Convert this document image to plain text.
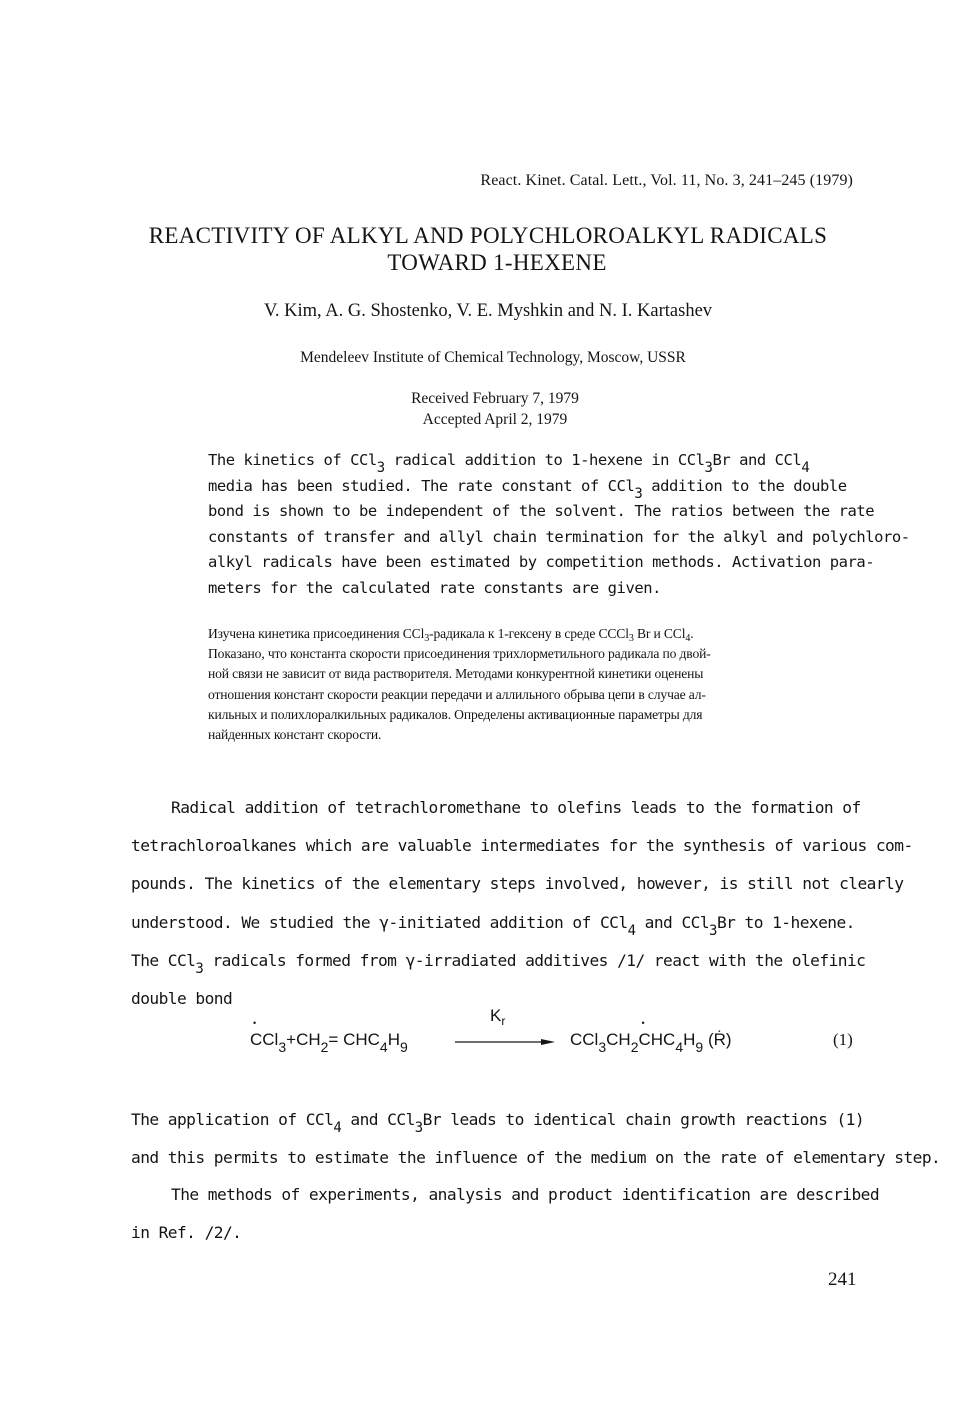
React. Kinet. Catal. Lett., Vol. 11, No. 3, 241–245 (1979)
REACTIVITY OF ALKYL AND POLYCHLOROALKYL RADICALS
TOWARD 1-HEXENE
V. Kim, A. G. Shostenko, V. E. Myshkin and N. I. Kartashev
Mendeleev Institute of Chemical Technology, Moscow, USSR
Received February 7, 1979
Accepted April 2, 1979
The kinetics of CCl$_3$ radical addition to 1-hexene in CCl$_3$Br and CCl$_4$
media has been studied. The rate constant of CCl$_3$ addition to the double
bond is shown to be independent of the solvent. The ratios between the rate
constants of transfer and allyl chain termination for the alkyl and polychloro-
alkyl radicals have been estimated by competition methods. Activation para-
meters for the calculated rate constants are given.
Изучена кинетика присоединения CCl$_3$-радикала к 1-гексену в среде CCCl$_3$ Br и CCl$_4$.
Показано, что константа скорости присоединения трихлорметильного радикала по двой-
ной связи не зависит от вида растворителя. Методами конкурентной кинетики оценены
отношения констант скорости реакции передачи и аллильного обрыва цепи в случае ал-
кильных и полихлоралкильных радикалов. Определены активационные параметры для
найденных констант скорости.
Radical addition of tetrachloromethane to olefins leads to the formation of
tetrachloroalkanes which are valuable intermediates for the synthesis of various com-
pounds. The kinetics of the elementary steps involved, however, is still not clearly
understood. We studied the γ-initiated addition of CCl$_4$ and CCl$_3$Br to 1-hexene.
The CCl$_3$ radicals formed from γ-irradiated additives /1/ react with the olefinic
double bond
• $CCl_3+CH_2= CHC_4H_9$
$K_r$
$CCl_3CH_2•$ $CHC_4H_9$ (Ṙ)	(1)
The application of CCl$_4$ and CCl$_3$Br leads to identical chain growth reactions (1)
and this permits to estimate the influence of the medium on the rate of elementary step.
The methods of experiments, analysis and product identification are described
in Ref. /2/.
241
